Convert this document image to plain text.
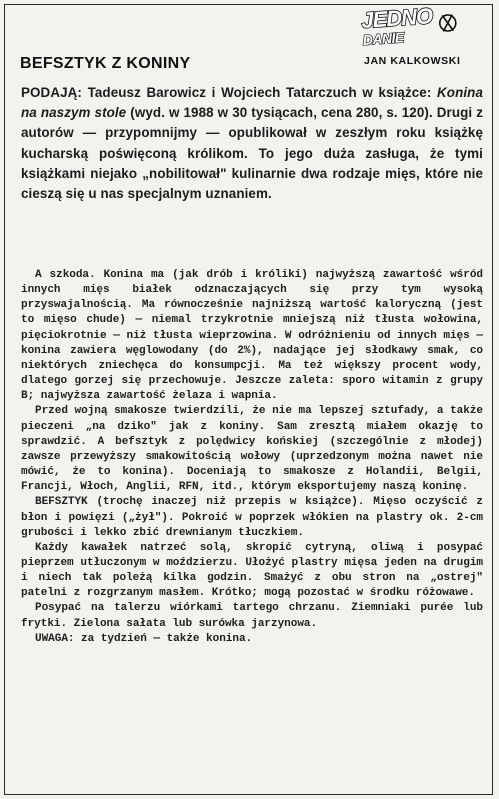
JEDNO
DANIE
JAN KALKOWSKI
BEFSZTYK Z KONINY

PODAJĄ: Tadeusz Barowicz i Wojciech Tatarczuch w książce: Konina na naszym stole (wyd. w 1988 w 30 tysiącach, cena 280, s. 120). Drugi z autorów — przypomnijmy — opublikował w zeszłym roku książkę kucharską poświęconą królikom. To jego duża zasługa, że tymi książkami niejako „nobilitował" kulinarnie dwa rodzaje mięs, które nie cieszą się u nas specjalnym uznaniem.

A szkoda. Konina ma (jak drób i króliki) najwyższą zawartość wśród innych mięs białek odznaczających się przy tym wysoką przyswajalnością. Ma równocześnie najniższą wartość kaloryczną (jest to mięso chude) — niemal trzykrotnie mniejszą niż tłusta wołowina, pięciokrotnie — niż tłusta wieprzowina. W odróżnieniu od innych mięs — konina zawiera węglowodany (do 2%), nadające jej słodkawy smak, co niektórych zniechęca do konsumpcji. Ma też większy procent wody, dlatego gorzej się przechowuje. Jeszcze zaleta: sporo witamin z grupy B; najwyższa zawartość żelaza i wapnia.

Przed wojną smakosze twierdzili, że nie ma lepszej sztufady, a także pieczeni „na dziko" jak z koniny. Sam zresztą miałem okazję to sprawdzić. A befsztyk z polędwicy końskiej (szczególnie z młodej) zawsze przewyższy smakowitością wołowy (uprzedzonym można nawet nie mówić, że to konina). Doceniają to smakosze z Holandii, Belgii, Francji, Włoch, Anglii, RFN, itd., którym eksportujemy naszą koninę.

BEFSZTYK (trochę inaczej niż przepis w książce). Mięso oczyścić z błon i powięzi („żył"). Pokroić w poprzek włókien na plastry ok. 2-cm grubości i lekko zbić drewnianym tłuczkiem.

Każdy kawałek natrzeć solą, skropić cytryną, oliwą i posypać pieprzem utłuczonym w moździerzu. Ułożyć plastry mięsa jeden na drugim i niech tak poleżą kilka godzin. Smażyć z obu stron na „ostrej" patelni z rozgrzanym masłem. Krótko; mogą pozostać w środku różowawe.

Posypać na talerzu wiórkami tartego chrzanu. Ziemniaki purée lub frytki. Zielona sałata lub surówka jarzynowa.

UWAGA: za tydzień — także konina.
